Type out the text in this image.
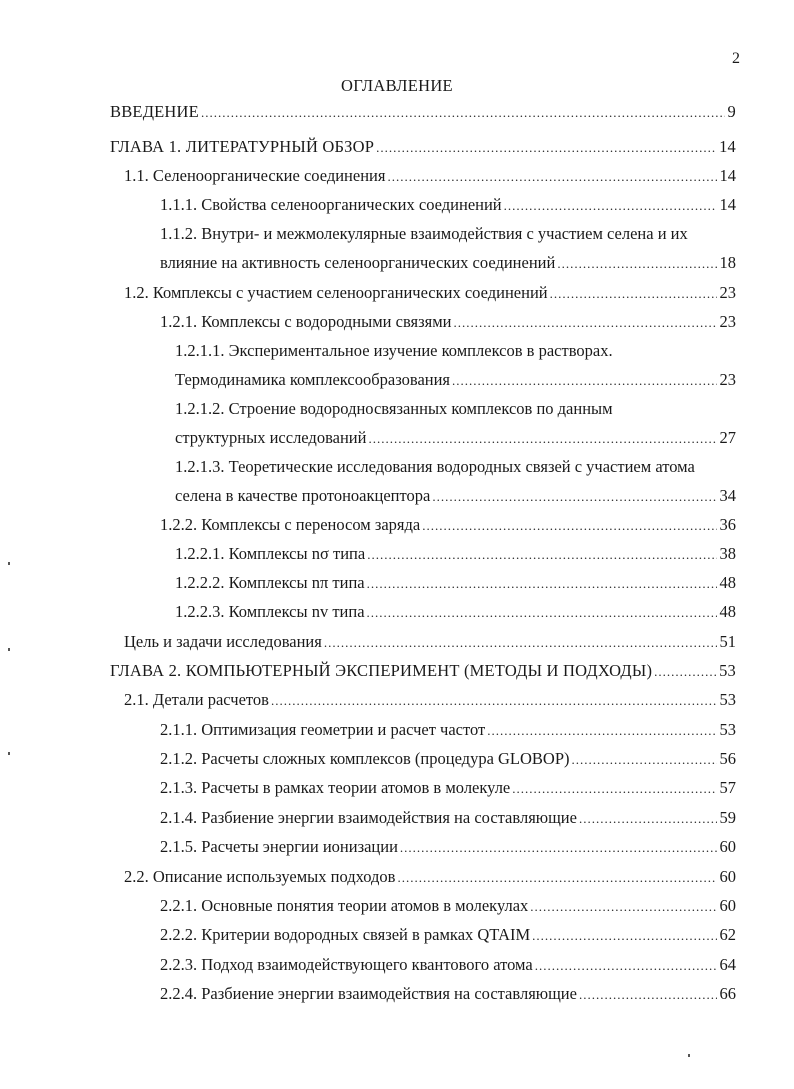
2
ОГЛАВЛЕНИЕ
ВВЕДЕНИЕ .....	9
ГЛАВА 1. ЛИТЕРАТУРНЫЙ ОБЗОР .....	14
1.1. Селеноорганические соединения .....	14
1.1.1. Свойства селеноорганических соединений .....	14
1.1.2. Внутри- и межмолекулярные взаимодействия с участием селена и их
влияние на активность селеноорганических соединений .....	18
1.2. Комплексы с участием селеноорганических соединений .....	23
1.2.1. Комплексы с водородными связями .....	23
1.2.1.1. Экспериментальное изучение комплексов в растворах.
Термодинамика комплексообразования .....	23
1.2.1.2. Строение водородносвязанных комплексов по данным
структурных исследований .....	27
1.2.1.3. Теоретические исследования водородных связей с участием атома
селена в качестве протоноакцептора .....	34
1.2.2. Комплексы с переносом заряда .....	36
1.2.2.1. Комплексы nσ типа .....	38
1.2.2.2. Комплексы nπ типа .....	48
1.2.2.3. Комплексы nv типа .....	48
Цель и задачи исследования .....	51
ГЛАВА 2. КОМПЬЮТЕРНЫЙ ЭКСПЕРИМЕНТ (МЕТОДЫ И ПОДХОДЫ) .....	53
2.1. Детали расчетов .....	53
2.1.1. Оптимизация геометрии и расчет частот .....	53
2.1.2. Расчеты сложных комплексов (процедура GLOBOP) .....	56
2.1.3. Расчеты в рамках теории атомов в молекуле .....	57
2.1.4. Разбиение энергии взаимодействия на составляющие .....	59
2.1.5. Расчеты энергии ионизации .....	60
2.2. Описание используемых подходов .....	60
2.2.1. Основные понятия теории атомов в молекулах .....	60
2.2.2. Критерии водородных связей в рамках QTAIM .....	62
2.2.3. Подход взаимодействующего квантового атома .....	64
2.2.4. Разбиение энергии взаимодействия на составляющие .....	66
